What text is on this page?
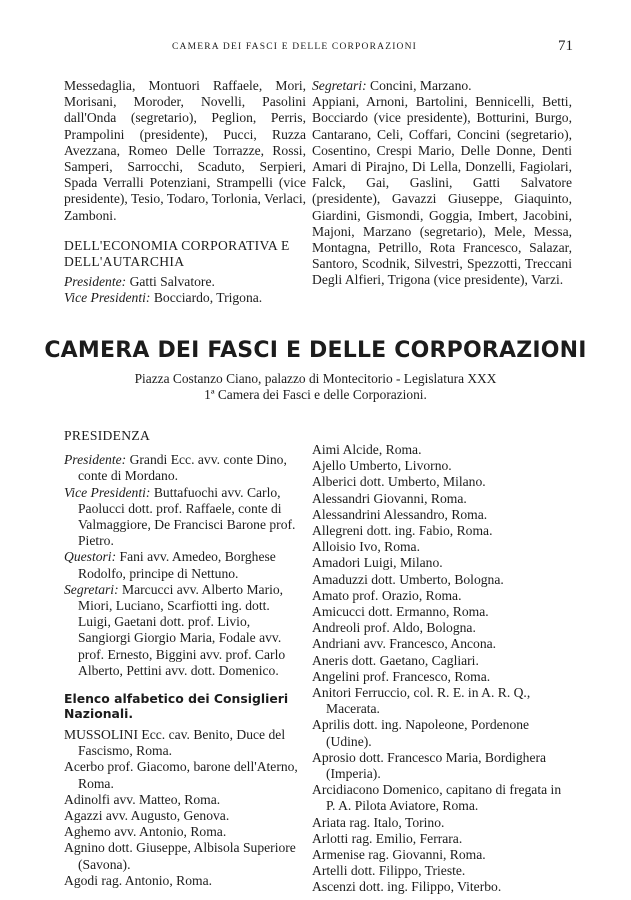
CAMERA DEI FASCI E DELLE CORPORAZIONI	71
Messedaglia, Montuori Raffaele, Mori, Morisani, Moroder, Novelli, Pasolini dall'Onda (segretario), Peglion, Perris, Prampolini (presidente), Pucci, Ruzza Avezzana, Romeo Delle Torrazze, Rossi, Samperi, Sarrocchi, Scaduto, Serpieri, Spada Verralli Potenziani, Strampelli (vice presidente), Tesio, Todaro, Torlonia, Verlaci, Zamboni.
DELL'ECONOMIA CORPORATIVA E DELL'AUTARCHIA
Presidente: Gatti Salvatore.
Vice Presidenti: Bocciardo, Trigona.
Segretari: Concini, Marzano.
Appiani, Arnoni, Bartolini, Bennicelli, Betti, Bocciardo (vice presidente), Botturini, Burgo, Cantarano, Celi, Coffari, Concini (segretario), Cosentino, Crespi Mario, Delle Donne, Denti Amari di Pirajno, Di Lella, Donzelli, Fagiolari, Falck, Gai, Gaslini, Gatti Salvatore (presidente), Gavazzi Giuseppe, Giaquinto, Giardini, Gismondi, Goggia, Imbert, Jacobini, Majoni, Marzano (segretario), Mele, Messa, Montagna, Petrillo, Rota Francesco, Salazar, Santoro, Scodnik, Silvestri, Spezzotti, Treccani Degli Alfieri, Trigona (vice presidente), Varzi.
CAMERA DEI FASCI E DELLE CORPORAZIONI
Piazza Costanzo Ciano, palazzo di Montecitorio - Legislatura XXX
1ª Camera dei Fasci e delle Corporazioni.
PRESIDENZA
Presidente: Grandi Ecc. avv. conte Dino, conte di Mordano.
Vice Presidenti: Buttafuochi avv. Carlo, Paolucci dott. prof. Raffaele, conte di Valmaggiore, De Francisci Barone prof. Pietro.
Questori: Fani avv. Amedeo, Borghese Rodolfo, principe di Nettuno.
Segretari: Marcucci avv. Alberto Mario, Miori, Luciano, Scarfiotti ing. dott. Luigi, Gaetani dott. prof. Livio, Sangiorgi Giorgio Maria, Fodale avv. prof. Ernesto, Biggini avv. prof. Carlo Alberto, Pettini avv. dott. Domenico.
Elenco alfabetico dei Consiglieri Nazionali.
MUSSOLINI Ecc. cav. Benito, Duce del Fascismo, Roma.
Acerbo prof. Giacomo, barone dell'Aterno, Roma.
Adinolfi avv. Matteo, Roma.
Agazzi avv. Augusto, Genova.
Aghemo avv. Antonio, Roma.
Agnino dott. Giuseppe, Albisola Superiore (Savona).
Agodi rag. Antonio, Roma.
Aimi Alcide, Roma.
Ajello Umberto, Livorno.
Alberici dott. Umberto, Milano.
Alessandri Giovanni, Roma.
Alessandrini Alessandro, Roma.
Allegreni dott. ing. Fabio, Roma.
Alloisio Ivo, Roma.
Amadori Luigi, Milano.
Amaduzzi dott. Umberto, Bologna.
Amato prof. Orazio, Roma.
Amicucci dott. Ermanno, Roma.
Andreoli prof. Aldo, Bologna.
Andriani avv. Francesco, Ancona.
Aneris dott. Gaetano, Cagliari.
Angelini prof. Francesco, Roma.
Anitori Ferruccio, col. R. E. in A. R. Q., Macerata.
Aprilis dott. ing. Napoleone, Pordenone (Udine).
Aprosio dott. Francesco Maria, Bordighera (Imperia).
Arcidiacono Domenico, capitano di fregata in P. A. Pilota Aviatore, Roma.
Ariata rag. Italo, Torino.
Arlotti rag. Emilio, Ferrara.
Armenise rag. Giovanni, Roma.
Artelli dott. Filippo, Trieste.
Ascenzi dott. ing. Filippo, Viterbo.
